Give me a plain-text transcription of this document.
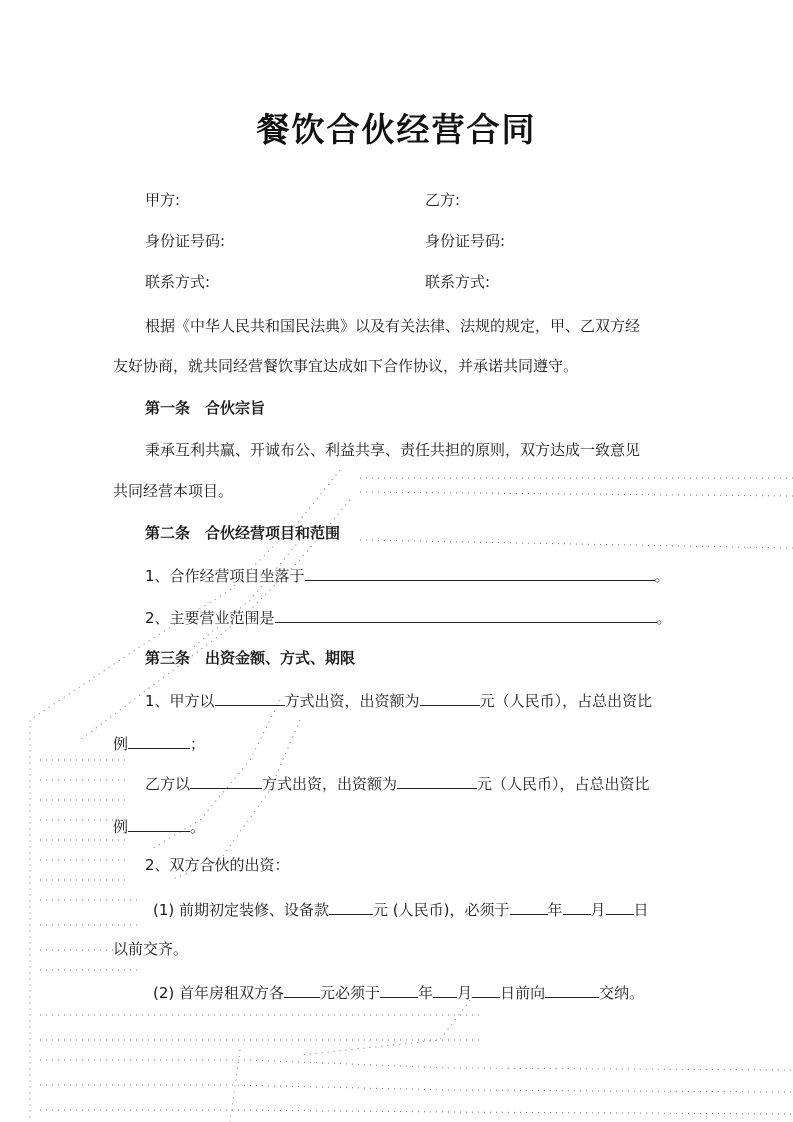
餐饮合伙经营合同
甲方:	乙方:
身份证号码:	身份证号码:
联系方式:	联系方式:
根据《中华人民共和国民法典》以及有关法律、法规的规定，甲、乙双方经
友好协商，就共同经营餐饮事宜达成如下合作协议，并承诺共同遵守。
第一条　合伙宗旨
秉承互利共赢、开诚布公、利益共享、责任共担的原则，双方达成一致意见
共同经营本项目。
第二条　合伙经营项目和范围
1、合作经营项目坐落于	。
2、主要营业范围是	。
第三条　出资金额、方式、期限
1、甲方以	方式出资，出资额为	元（人民币），占总出资比
例	；
乙方以	方式出资，出资额为	元（人民币），占总出资比
例	。
2、双方合伙的出资：
(1) 前期初定装修、设备款	元 (人民币)，必须于	年 月 日
以前交齐。
(2) 首年房租双方各 元必须于	年 月 日前向	交纳。
